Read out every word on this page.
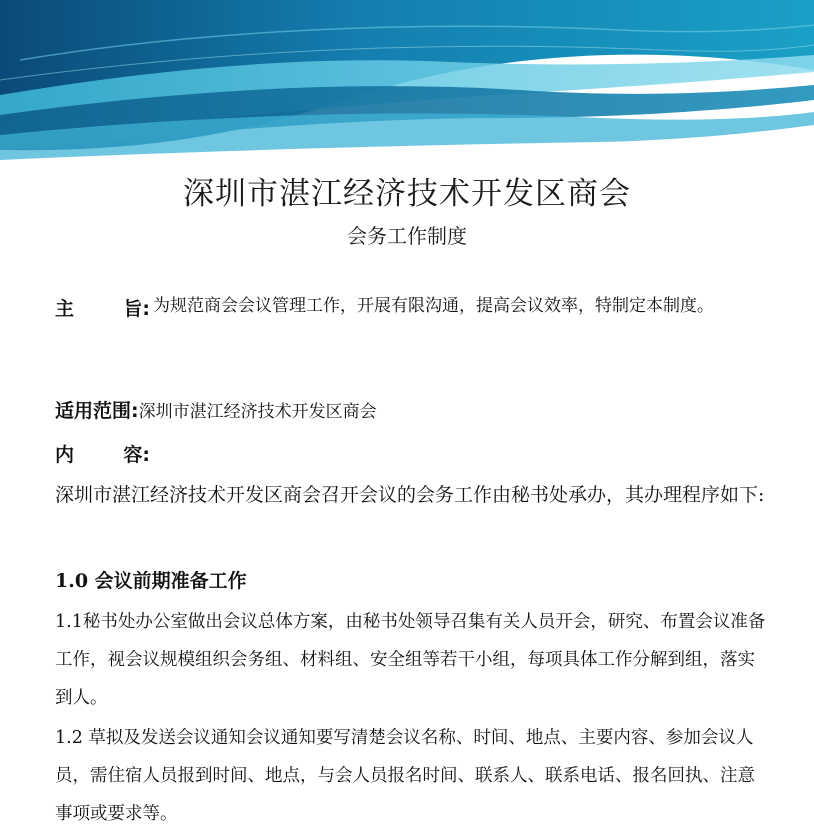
深圳市湛江经济技术开发区商会
会务工作制度
主	旨: 为规范商会会议管理工作，开展有限沟通，提高会议效率，特制定本制度。
适用范围:深圳市湛江经济技术开发区商会
内	容:
深圳市湛江经济技术开发区商会召开会议的会务工作由秘书处承办，其办理程序如下:
1.0 会议前期准备工作
1.1秘书处办公室做出会议总体方案，由秘书处领导召集有关人员开会，研究、布置会议准备工作，视会议规模组织会务组、材料组、安全组等若干小组，每项具体工作分解到组，落实到人。
1.2 草拟及发送会议通知会议通知要写清楚会议名称、时间、地点、主要内容、参加会议人员，需住宿人员报到时间、地点，与会人员报名时间、联系人、联系电话、报名回执、注意事项或要求等。
